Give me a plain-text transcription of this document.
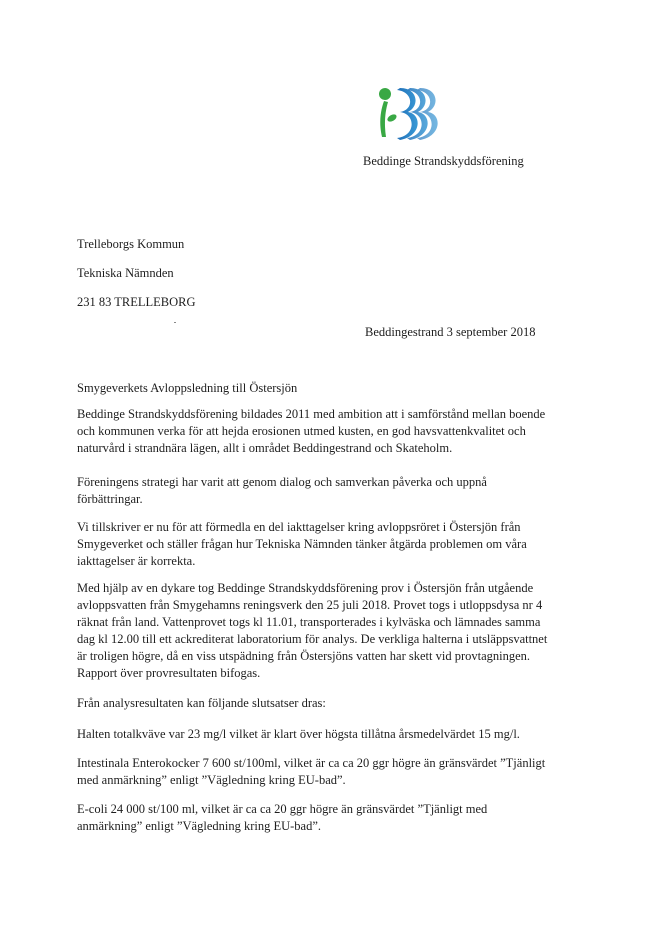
Beddinge Strandskyddsförening
Trelleborgs Kommun
Tekniska Nämnden
231 83 TRELLEBORG
Beddingestrand 3 september 2018
Smygeverkets Avloppsledning till Östersjön
Beddinge Strandskyddsförening bildades 2011 med ambition att i samförstånd mellan boende
och kommunen verka för att hejda erosionen utmed kusten, en god havsvattenkvalitet och
naturvård i strandnära lägen, allt i området Beddingestrand och Skateholm.
Föreningens strategi har varit att genom dialog och samverkan påverka och uppnå
förbättringar.
Vi tillskriver er nu för att förmedla en del iakttagelser kring avloppsröret i Östersjön från
Smygeverket och ställer frågan hur Tekniska Nämnden tänker åtgärda problemen om våra
iakttagelser är korrekta.
Med hjälp av en dykare tog Beddinge Strandskyddsförening prov i Östersjön från utgående
avloppsvatten från Smygehamns reningsverk den 25 juli 2018. Provet togs i utloppsdysa nr 4
räknat från land. Vattenprovet togs kl 11.01, transporterades i kylväska och lämnades samma
dag kl 12.00 till ett ackrediterat laboratorium för analys. De verkliga halterna i utsläppsvattnet
är troligen högre, då en viss utspädning från Östersjöns vatten har skett vid provtagningen.
Rapport över provresultaten bifogas.
Från analysresultaten kan följande slutsatser dras:
Halten totalkväve var 23 mg/l vilket är klart över högsta tillåtna årsmedelvärdet 15 mg/l.
Intestinala Enterokocker 7 600 st/100ml, vilket är ca ca 20 ggr högre än gränsvärdet ”Tjänligt
med anmärkning” enligt ”Vägledning kring EU-bad”.
E-coli 24 000 st/100 ml, vilket är ca ca 20 ggr högre än gränsvärdet ”Tjänligt med
anmärkning” enligt ”Vägledning kring EU-bad”.
